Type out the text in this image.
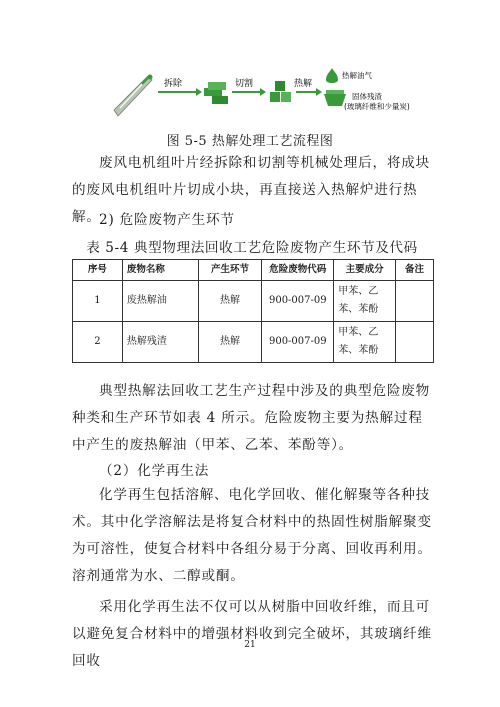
拆除	切割	热解
热解油气
固体残渣
(玻璃纤维和少量炭)
图 5-5 热解处理工艺流程图
废风电机组叶片经拆除和切割等机械处理后，将成块的废风电机组叶片切成小块，再直接送入热解炉进行热解。
2) 危险废物产生环节
表 5-4 典型物理法回收工艺危险废物产生环节及代码
序号	废物名称	产生环节	危险废物代码	主要成分	备注
1	废热解油	热解	900-007-09	甲苯、乙苯、苯酚	
2	热解残渣	热解	900-007-09	甲苯、乙苯、苯酚	
典型热解法回收工艺生产过程中涉及的典型危险废物种类和生产环节如表 4 所示。危险废物主要为热解过程中产生的废热解油（甲苯、乙苯、苯酚等）。
（2）化学再生法
化学再生包括溶解、电化学回收、催化解聚等各种技术。其中化学溶解法是将复合材料中的热固性树脂解聚变为可溶性，使复合材料中各组分易于分离、回收再利用。溶剂通常为水、二醇或酮。
采用化学再生法不仅可以从树脂中回收纤维，而且可以避免复合材料中的增强材料收到完全破坏，其玻璃纤维回收
21
